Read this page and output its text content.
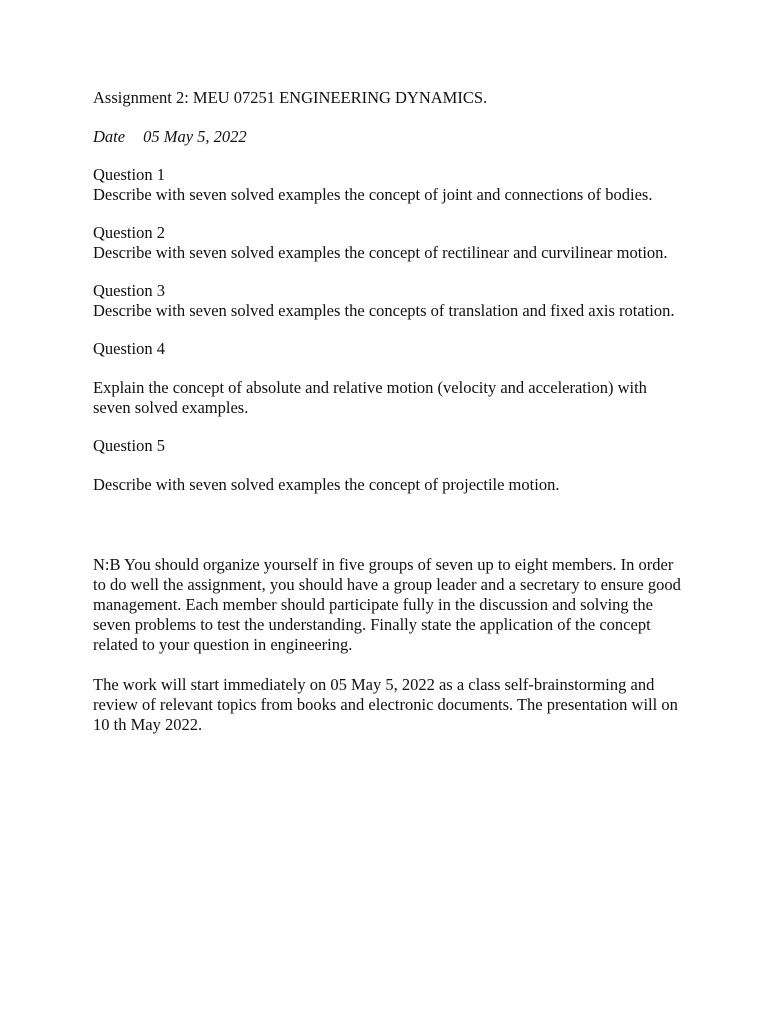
Assignment 2: MEU 07251 ENGINEERING DYNAMICS.
Date 05 May 5, 2022
Question 1
Describe with seven solved examples the concept of joint and connections of bodies.
Question 2
Describe with seven solved examples the concept of rectilinear and curvilinear motion.
Question 3
Describe with seven solved examples the concepts of translation and fixed axis rotation.
Question 4
Explain the concept of absolute and relative motion (velocity and acceleration) with seven solved examples.
Question 5
Describe with seven solved examples the concept of projectile motion.
N:B You should organize yourself in five groups of seven up to eight members. In order to do well the assignment, you should have a group leader and a secretary to ensure good management. Each member should participate fully in the discussion and solving the seven problems to test the understanding. Finally state the application of the concept related to your question in engineering.
The work will start immediately on 05 May 5, 2022 as a class self-brainstorming and review of relevant topics from books and electronic documents. The presentation will on 10 th May 2022.
